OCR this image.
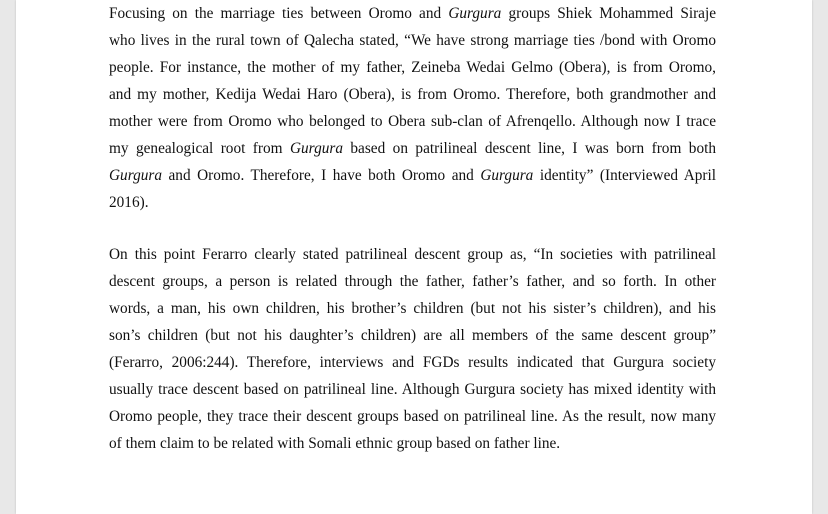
Focusing on the marriage ties between Oromo and Gurgura groups Shiek Mohammed Siraje
who lives in the rural town of Qalecha stated, “We have strong marriage ties /bond with Oromo
people. For instance, the mother of my father, Zeineba Wedai Gelmo (Obera), is from Oromo,
and my mother, Kedija Wedai Haro (Obera), is from Oromo. Therefore, both grandmother and
mother were from Oromo who belonged to Obera sub-clan of Afrenqello. Although now I trace
my genealogical root from Gurgura based on patrilineal descent line, I was born from both
Gurgura and Oromo. Therefore, I have both Oromo and Gurgura identity” (Interviewed April
2016).
On this point Ferarro clearly stated patrilineal descent group as, “In societies with patrilineal
descent groups, a person is related through the father, father’s father, and so forth. In other
words, a man, his own children, his brother’s children (but not his sister’s children), and his
son’s children (but not his daughter’s children) are all members of the same descent group”
(Ferarro, 2006:244). Therefore, interviews and FGDs results indicated that Gurgura society
usually trace descent based on patrilineal line. Although Gurgura society has mixed identity with
Oromo people, they trace their descent groups based on patrilineal line. As the result, now many
of them claim to be related with Somali ethnic group based on father line.
